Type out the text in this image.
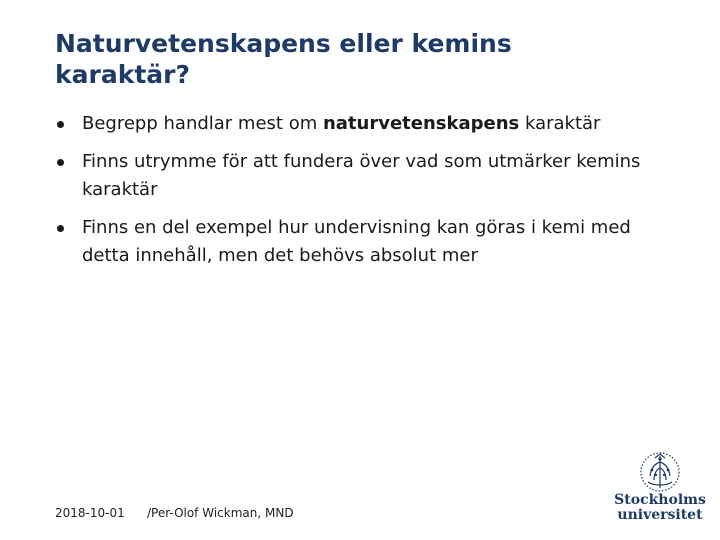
Naturvetenskapens eller kemins karaktär?
Begrepp handlar mest om naturvetenskapens karaktär
Finns utrymme för att fundera över vad som utmärker kemins karaktär
Finns en del exempel hur undervisning kan göras i kemi med detta innehåll, men det behövs absolut mer
2018-10-01 /Per-Olof Wickman, MND
Stockholms
universitet
